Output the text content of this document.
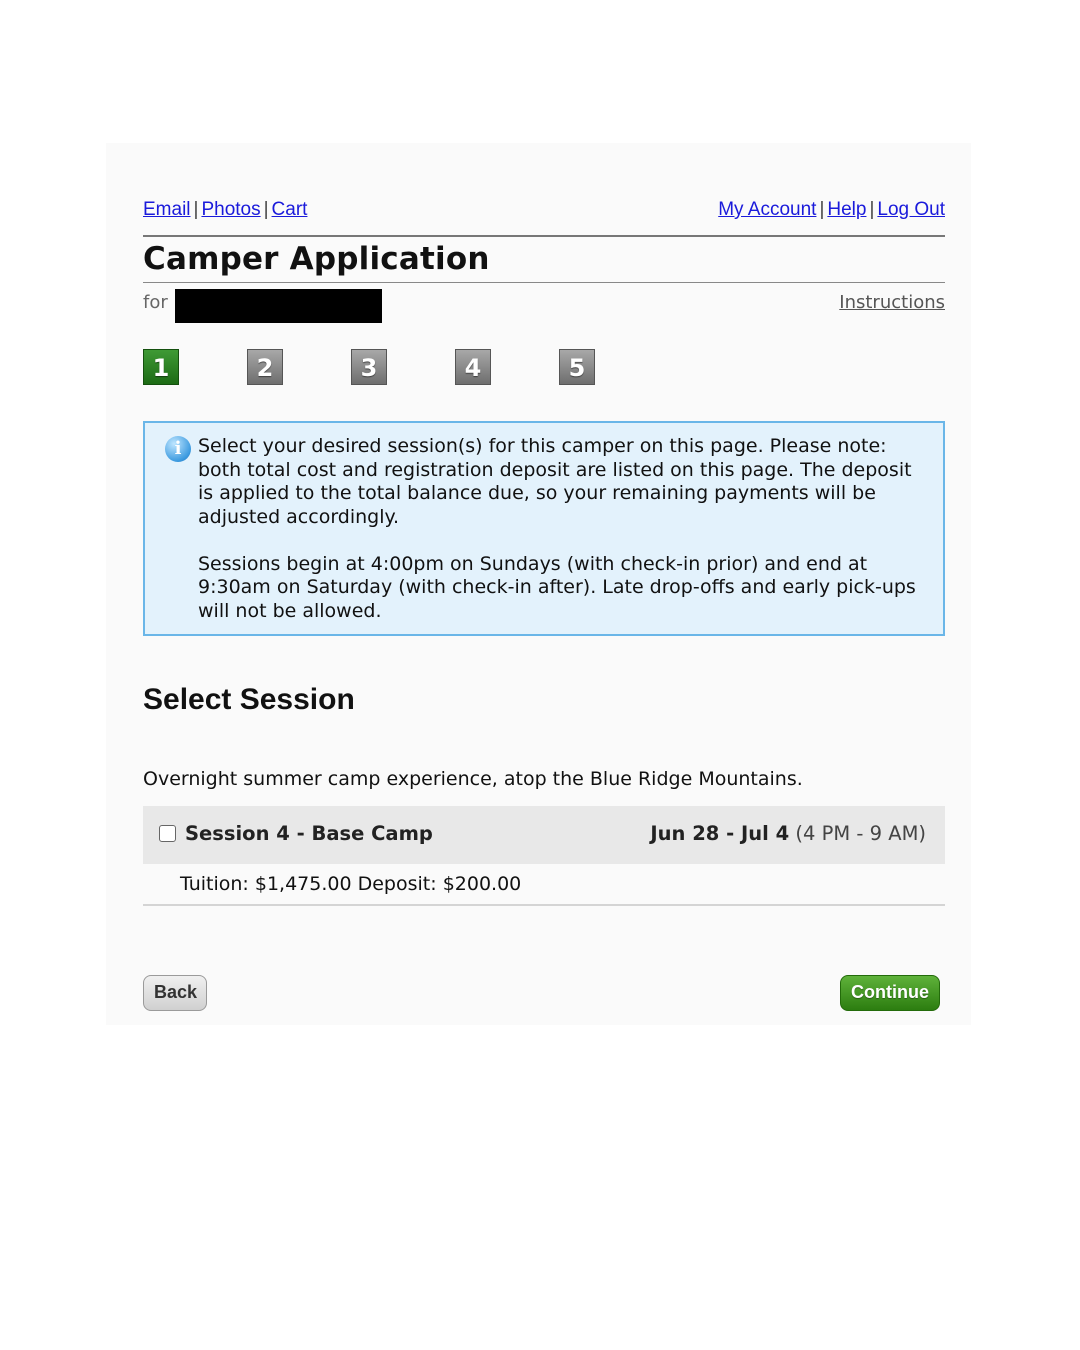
Email | Photos | Cart	My Account | Help | Log Out
Camper Application
for	Instructions
1	2	3	4	5
i Select your desired session(s) for this camper on this page. Please note: both total cost and registration deposit are listed on this page. The deposit is applied to the total balance due, so your remaining payments will be adjusted accordingly.

Sessions begin at 4:00pm on Sundays (with check-in prior) and end at 9:30am on Saturday (with check-in after). Late drop-offs and early pick-ups will not be allowed.

Select Session
Overnight summer camp experience, atop the Blue Ridge Mountains.
Session 4 - Base Camp	Jun 28 - Jul 4 (4 PM - 9 AM)
Tuition: $1,475.00 Deposit: $200.00
Back	Continue
